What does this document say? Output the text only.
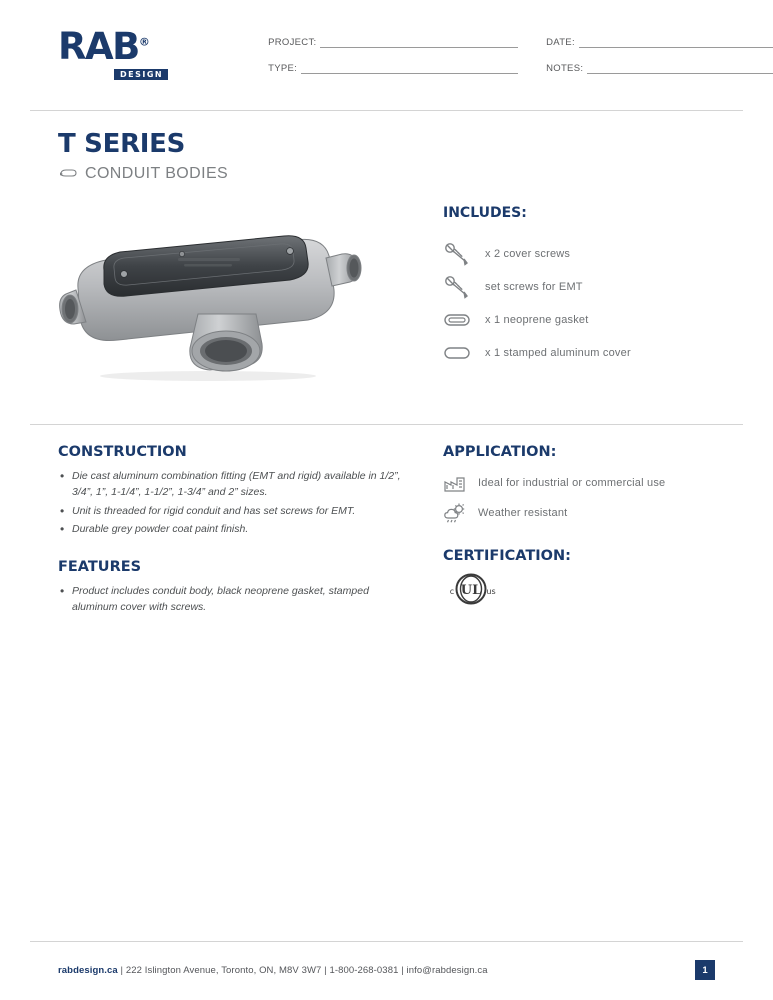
RAB®
DESIGN
PROJECT:
TYPE:
DATE:
NOTES:
T SERIES
CONDUIT BODIES
INCLUDES:
x 2 cover screws
set screws for EMT
x 1 neoprene gasket
x 1 stamped aluminum cover
CONSTRUCTION
• Die cast aluminum combination fitting (EMT and rigid) available in 1/2”, 3/4”, 1”, 1-1/4”, 1-1/2”, 1-3/4” and 2” sizes.
• Unit is threaded for rigid conduit and has set screws for EMT.
• Durable grey powder coat paint finish.
FEATURES
• Product includes conduit body, black neoprene gasket, stamped aluminum cover with screws.
APPLICATION:
Ideal for industrial or commercial use
Weather resistant
CERTIFICATION:
UL
c	us
rabdesign.ca | 222 Islington Avenue, Toronto, ON, M8V 3W7 | 1-800-268-0381 | info@rabdesign.ca	1
